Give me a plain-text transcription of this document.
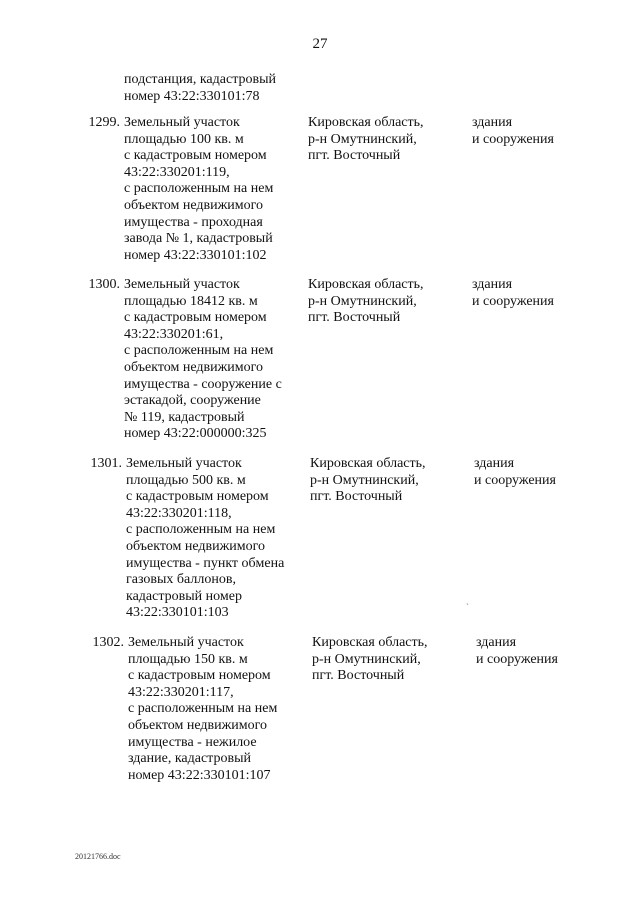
27
подстанция, кадастровый
номер 43:22:330101:78
1299. Земельный участок
площадью 100 кв. м
с кадастровым номером
43:22:330201:119,
с расположенным на нем
объектом недвижимого
имущества - проходная
завода № 1, кадастровый
номер 43:22:330101:102
Кировская область,
р-н Омутнинский,
пгт. Восточный
здания
и сооружения
1300. Земельный участок
площадью 18412 кв. м
с кадастровым номером
43:22:330201:61,
с расположенным на нем
объектом недвижимого
имущества - сооружение с
эстакадой, сооружение
№ 119, кадастровый
номер 43:22:000000:325
Кировская область,
р-н Омутнинский,
пгт. Восточный
здания
и сооружения
1301. Земельный участок
площадью 500 кв. м
с кадастровым номером
43:22:330201:118,
с расположенным на нем
объектом недвижимого
имущества - пункт обмена
газовых баллонов,
кадастровый номер
43:22:330101:103
Кировская область,
р-н Омутнинский,
пгт. Восточный
здания
и сооружения
1302. Земельный участок
площадью 150 кв. м
с кадастровым номером
43:22:330201:117,
с расположенным на нем
объектом недвижимого
имущества - нежилое
здание, кадастровый
номер 43:22:330101:107
Кировская область,
р-н Омутнинский,
пгт. Восточный
здания
и сооружения
`
20121766.doc
